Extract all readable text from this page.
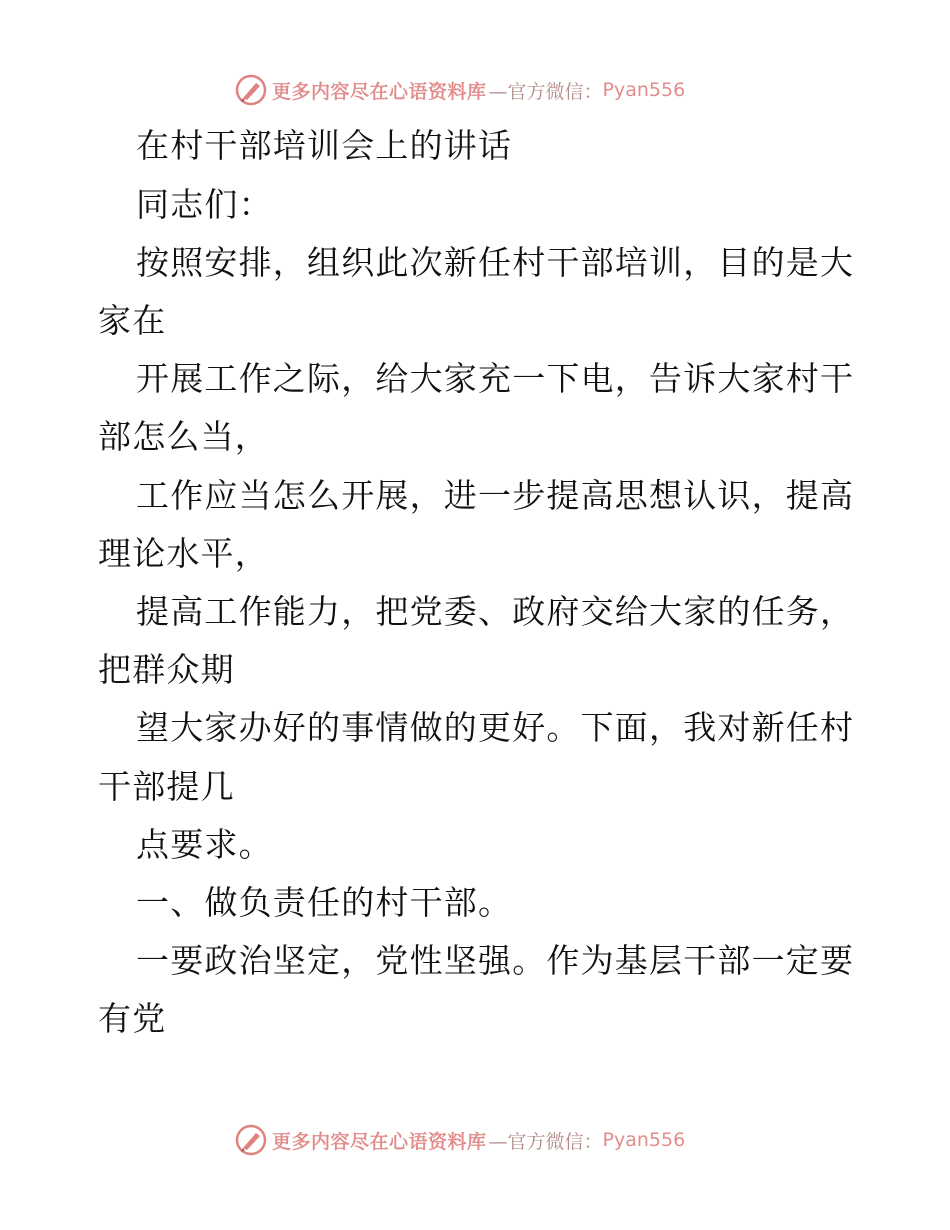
更多内容尽在心语资料库 —官方微信： Pyan556
在村干部培训会上的讲话
同志们：
按照安排，组织此次新任村干部培训，目的是大
家在
开展工作之际，给大家充一下电，告诉大家村干
部怎么当，
工作应当怎么开展，进一步提高思想认识，提高
理论水平，
提高工作能力，把党委、政府交给大家的任务，
把群众期
望大家办好的事情做的更好。下面，我对新任村
干部提几
点要求。
一、做负责任的村干部。
一要政治坚定，党性坚强。作为基层干部一定要
有党
更多内容尽在心语资料库 —官方微信： Pyan556
